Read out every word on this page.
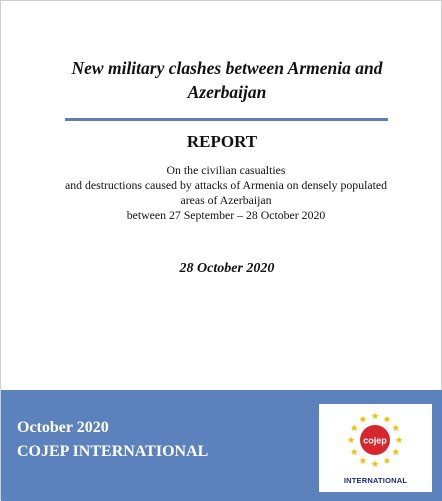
New military clashes between Armenia and Azerbaijan
REPORT
On the civilian casualties
and destructions caused by attacks of Armenia on densely populated
areas of Azerbaijan
between 27 September – 28 October 2020
28 October 2020
October 2020
COJEP INTERNATIONAL
cojep
INTERNATIONAL
